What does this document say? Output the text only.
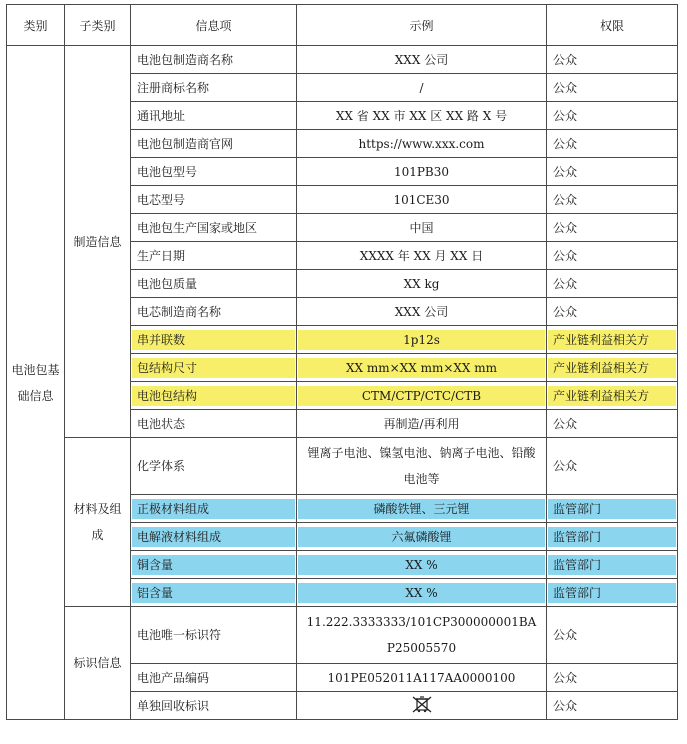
类别	子类别	信息项	示例	权限
电池包基础信息	制造信息	电池包制造商名称	XXX 公司	公众
		注册商标名称	/	公众
		通讯地址	XX 省 XX 市 XX 区 XX 路 X 号	公众
		电池包制造商官网	https://www.xxx.com	公众
		电池包型号	101PB30	公众
		电芯型号	101CE30	公众
		电池包生产国家或地区	中国	公众
		生产日期	XXXX 年 XX 月 XX 日	公众
		电池包质量	XX kg	公众
		电芯制造商名称	XXX 公司	公众

		串并联数	1p12s	产业链利益相关方

		包结构尺寸	XX mm×XX mm×XX mm	产业链利益相关方

		电池包结构	CTM/CTP/CTC/CTB	产业链利益相关方

		电池状态	再制造/再利用	公众
	材料及组成	化学体系	锂离子电池、镍氢电池、钠离子电池、铅酸电池等	公众

		正极材料组成	磷酸铁锂、三元锂	监管部门

		电解液材料组成	六氟磷酸锂	监管部门

		铜含量	XX %	监管部门

		铝含量	XX %	监管部门

	标识信息	电池唯一标识符	11.222.3333333/101CP300000001BAP25005570	公众
		电池产品编码	101PE052011A117AA0000100	公众
		单独回收标识		公众
